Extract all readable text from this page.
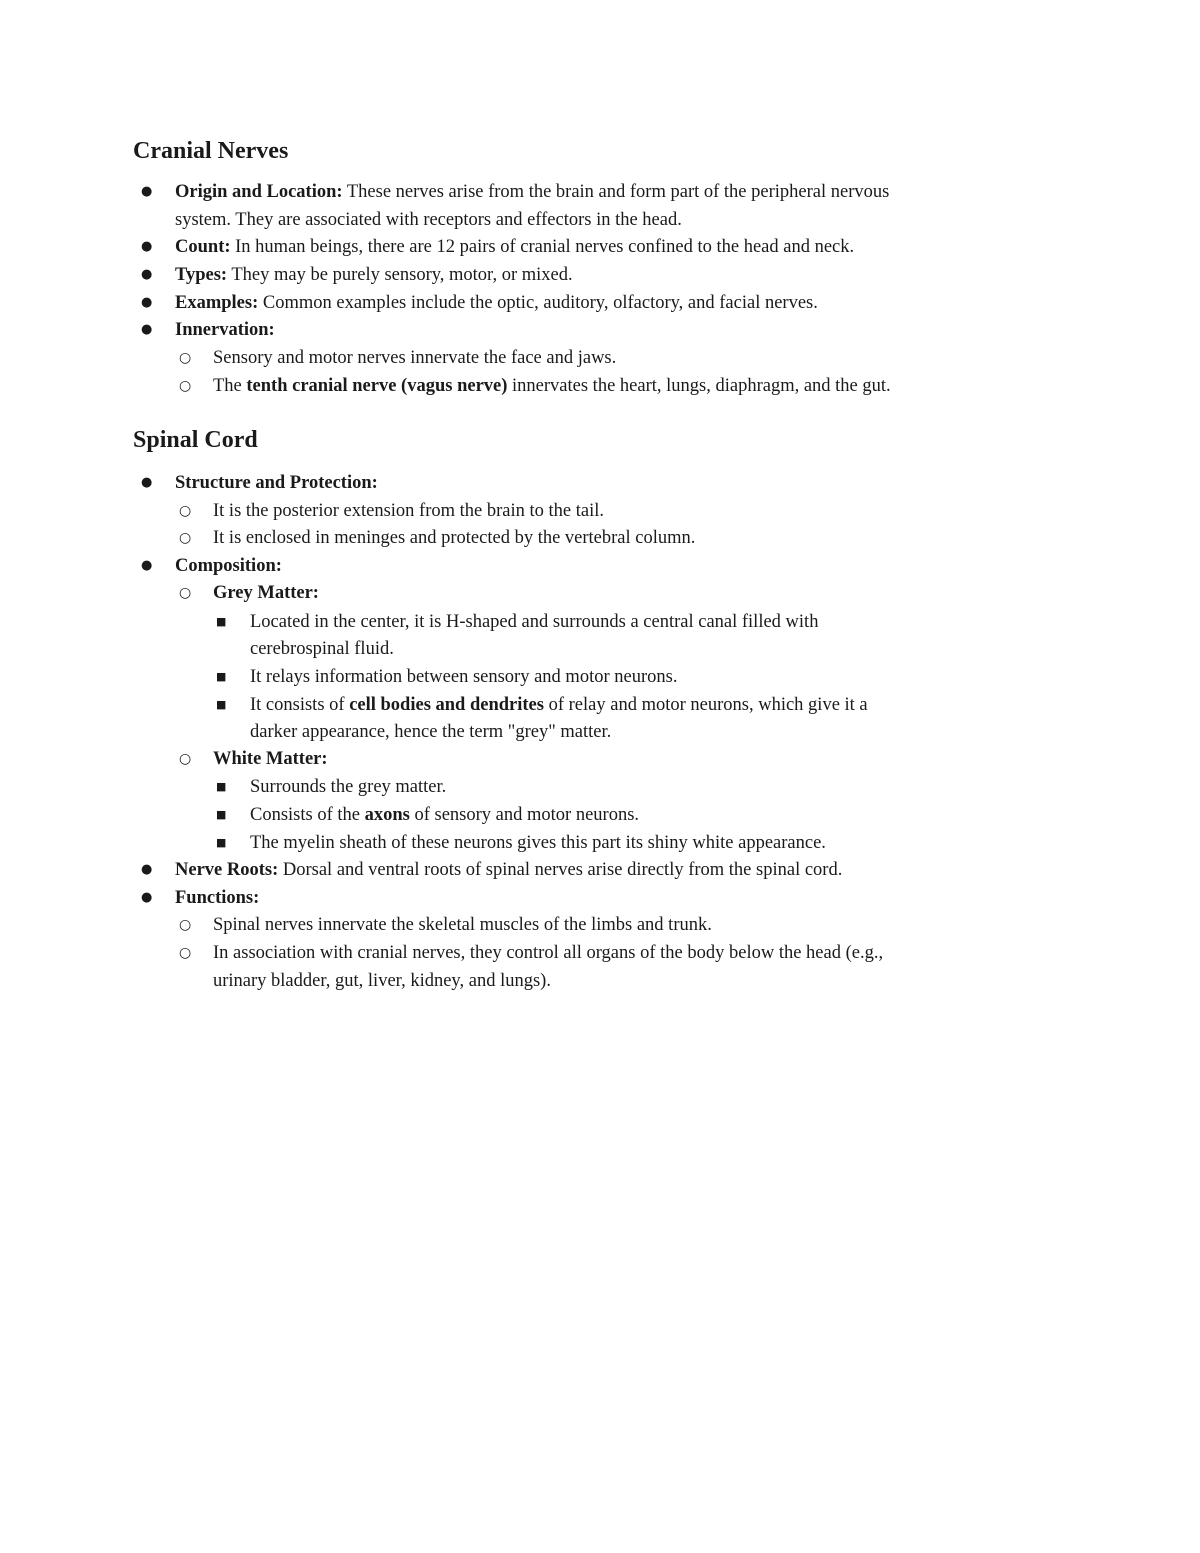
Cranial Nerves
● Origin and Location: These nerves arise from the brain and form part of the peripheral nervous

system. They are associated with receptors and effectors in the head.

● Count: In human beings, there are 12 pairs of cranial nerves confined to the head and neck.

● Types: They may be purely sensory, motor, or mixed.

● Examples: Common examples include the optic, auditory, olfactory, and facial nerves.

● Innervation:

○ Sensory and motor nerves innervate the face and jaws.

○ The tenth cranial nerve (vagus nerve) innervates the heart, lungs, diaphragm, and the gut.

Spinal Cord
● Structure and Protection:

○ It is the posterior extension from the brain to the tail.

○ It is enclosed in meninges and protected by the vertebral column.

● Composition:

○ Grey Matter:

■ Located in the center, it is H-shaped and surrounds a central canal filled with

cerebrospinal fluid.

■ It relays information between sensory and motor neurons.

■ It consists of cell bodies and dendrites of relay and motor neurons, which give it a

darker appearance, hence the term "grey" matter.

○ White Matter:

■ Surrounds the grey matter.

■ Consists of the axons of sensory and motor neurons.

■ The myelin sheath of these neurons gives this part its shiny white appearance.

● Nerve Roots: Dorsal and ventral roots of spinal nerves arise directly from the spinal cord.

● Functions:

○ Spinal nerves innervate the skeletal muscles of the limbs and trunk.

○ In association with cranial nerves, they control all organs of the body below the head (e.g.,

urinary bladder, gut, liver, kidney, and lungs).
